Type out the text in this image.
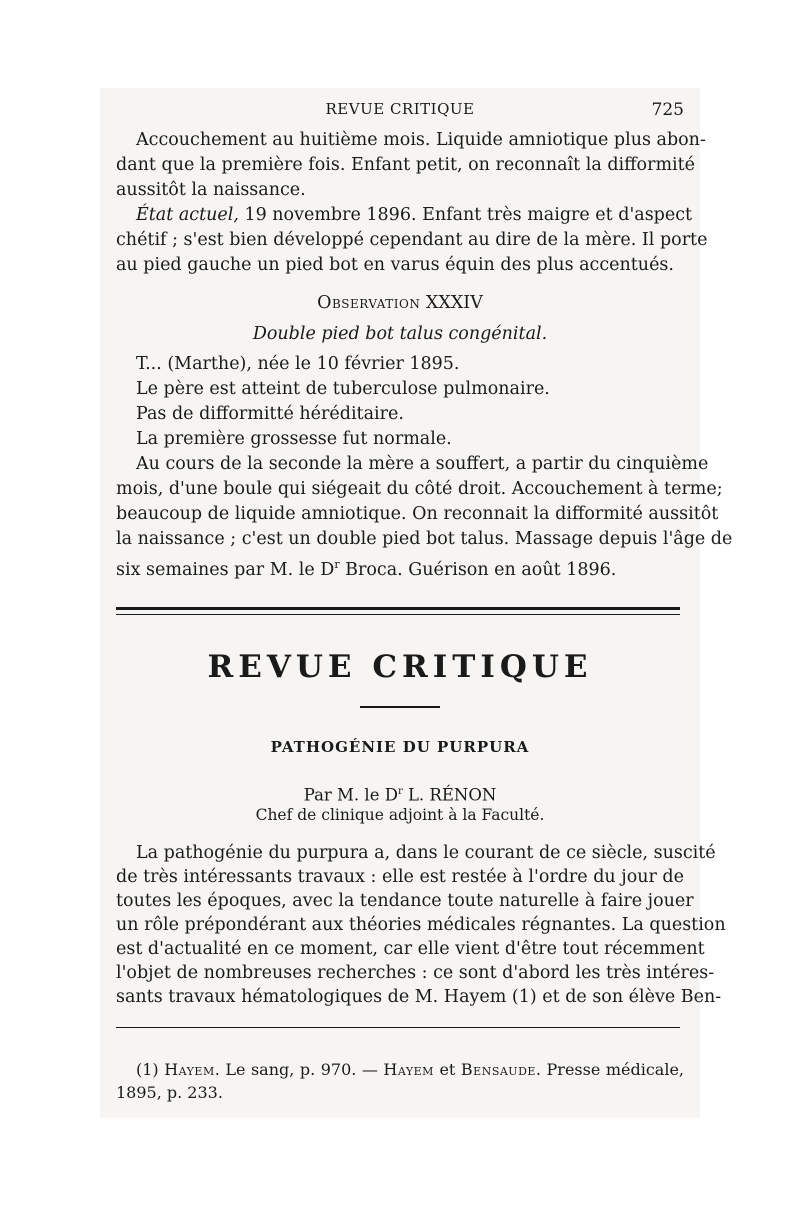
REVUE CRITIQUE	725
Accouchement au huitième mois. Liquide amniotique plus abon-
dant que la première fois. Enfant petit, on reconnaît la difformité
aussitôt la naissance.
État actuel, 19 novembre 1896. Enfant très maigre et d'aspect
chétif ; s'est bien développé cependant au dire de la mère. Il porte
au pied gauche un pied bot en varus équin des plus accentués.
Observation XXXIV
Double pied bot talus congénital.
T... (Marthe), née le 10 février 1895.
Le père est atteint de tuberculose pulmonaire.
Pas de difformitté héréditaire.
La première grossesse fut normale.
Au cours de la seconde la mère a souffert, a partir du cinquième
mois, d'une boule qui siégeait du côté droit. Accouchement à terme;
beaucoup de liquide amniotique. On reconnait la difformité aussitôt
la naissance ; c'est un double pied bot talus. Massage depuis l'âge de
six semaines par M. le $D^r$ Broca. Guérison en août 1896.
REVUE CRITIQUE
PATHOGÉNIE DU PURPURA
Par M. le $D^r$ L. RÉNON
Chef de clinique adjoint à la Faculté.
La pathogénie du purpura a, dans le courant de ce siècle, suscité
de très intéressants travaux : elle est restée à l'ordre du jour de
toutes les époques, avec la tendance toute naturelle à faire jouer
un rôle prépondérant aux théories médicales régnantes. La question
est d'actualité en ce moment, car elle vient d'être tout récemment
l'objet de nombreuses recherches : ce sont d'abord les très intéres-
sants travaux hématologiques de M. Hayem (1) et de son élève Ben-
(1) Hayem. Le sang, p. 970. — Hayem et Bensaude. Presse médicale,
1895, p. 233.
